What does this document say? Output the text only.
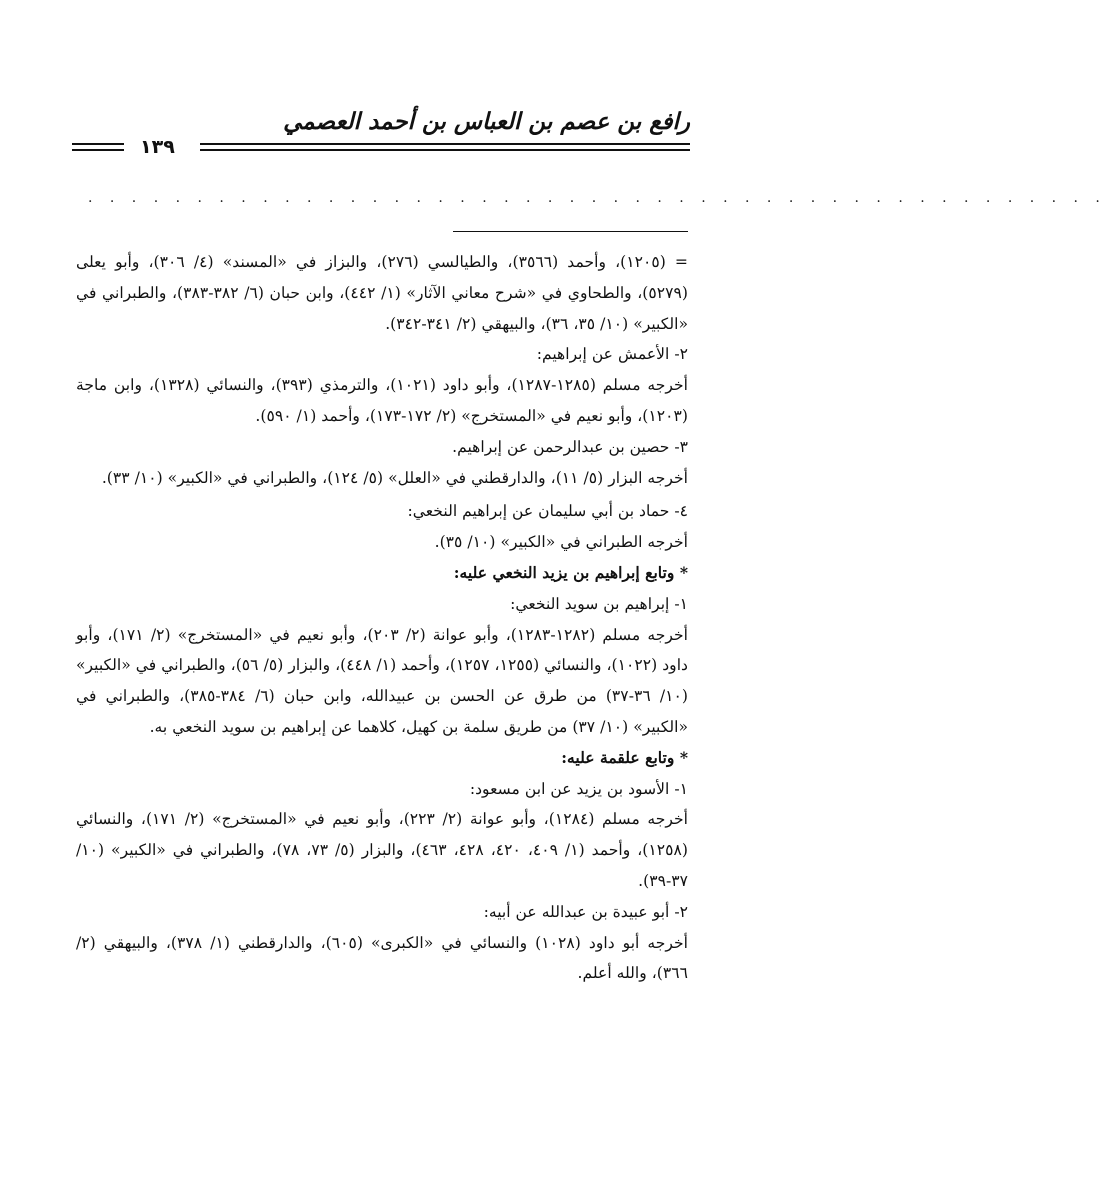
رافع بن عصم بن العباس بن أحمد العصمي
١٣٩
. . . . . . . . . . . . . . . . . . . . . . . . . . . . . . . . . . . . . . . . . . . . . . .

= (١٢٠٥)، وأحمد (٣٥٦٦)، والطيالسي (٢٧٦)، والبزاز في «المسند» (٤/ ٣٠٦)، وأبو يعلى (٥٢٧٩)، والطحاوي في «شرح معاني الآثار» (١/ ٤٤٢)، وابن حبان (٦/ ٣٨٢-٣٨٣)، والطبراني في «الكبير» (١٠/ ٣٥، ٣٦)، والبيهقي (٢/ ٣٤١-٣٤٢).

٢- الأعمش عن إبراهيم:

أخرجه مسلم (١٢٨٥-١٢٨٧)، وأبو داود (١٠٢١)، والترمذي (٣٩٣)، والنسائي (١٣٢٨)، وابن ماجة (١٢٠٣)، وأبو نعيم في «المستخرج» (٢/ ١٧٢-١٧٣)، وأحمد (١/ ٥٩٠).

٣- حصين بن عبدالرحمن عن إبراهيم.

أخرجه البزار (٥/ ١١)، والدارقطني في «العلل» (٥/ ١٢٤)، والطبراني في «الكبير» (١٠/ ٣٣).

٤- حماد بن أبي سليمان عن إبراهيم النخعي:

أخرجه الطبراني في «الكبير» (١٠/ ٣٥).

* وتابع إبراهيم بن يزيد النخعي عليه:

١- إبراهيم بن سويد النخعي:

أخرجه مسلم (١٢٨٢-١٢٨٣)، وأبو عوانة (٢/ ٢٠٣)، وأبو نعيم في «المستخرج» (٢/ ١٧١)، وأبو داود (١٠٢٢)، والنسائي (١٢٥٥، ١٢٥٧)، وأحمد (١/ ٤٤٨)، والبزار (٥/ ٥٦)، والطبراني في «الكبير» (١٠/ ٣٦-٣٧) من طرق عن الحسن بن عبيدالله، وابن حبان (٦/ ٣٨٤-٣٨٥)، والطبراني في «الكبير» (١٠/ ٣٧) من طريق سلمة بن كهيل، كلاهما عن إبراهيم بن سويد النخعي به.

* وتابع علقمة عليه:

١- الأسود بن يزيد عن ابن مسعود:

أخرجه مسلم (١٢٨٤)، وأبو عوانة (٢/ ٢٢٣)، وأبو نعيم في «المستخرج» (٢/ ١٧١)، والنسائي (١٢٥٨)، وأحمد (١/ ٤٠٩، ٤٢٠، ٤٢٨، ٤٦٣)، والبزار (٥/ ٧٣، ٧٨)، والطبراني في «الكبير» (١٠/ ٣٧-٣٩).

٢- أبو عبيدة بن عبدالله عن أبيه:

أخرجه أبو داود (١٠٢٨) والنسائي في «الكبرى» (٦٠٥)، والدارقطني (١/ ٣٧٨)، والبيهقي (٢/ ٣٦٦)، والله أعلم.
